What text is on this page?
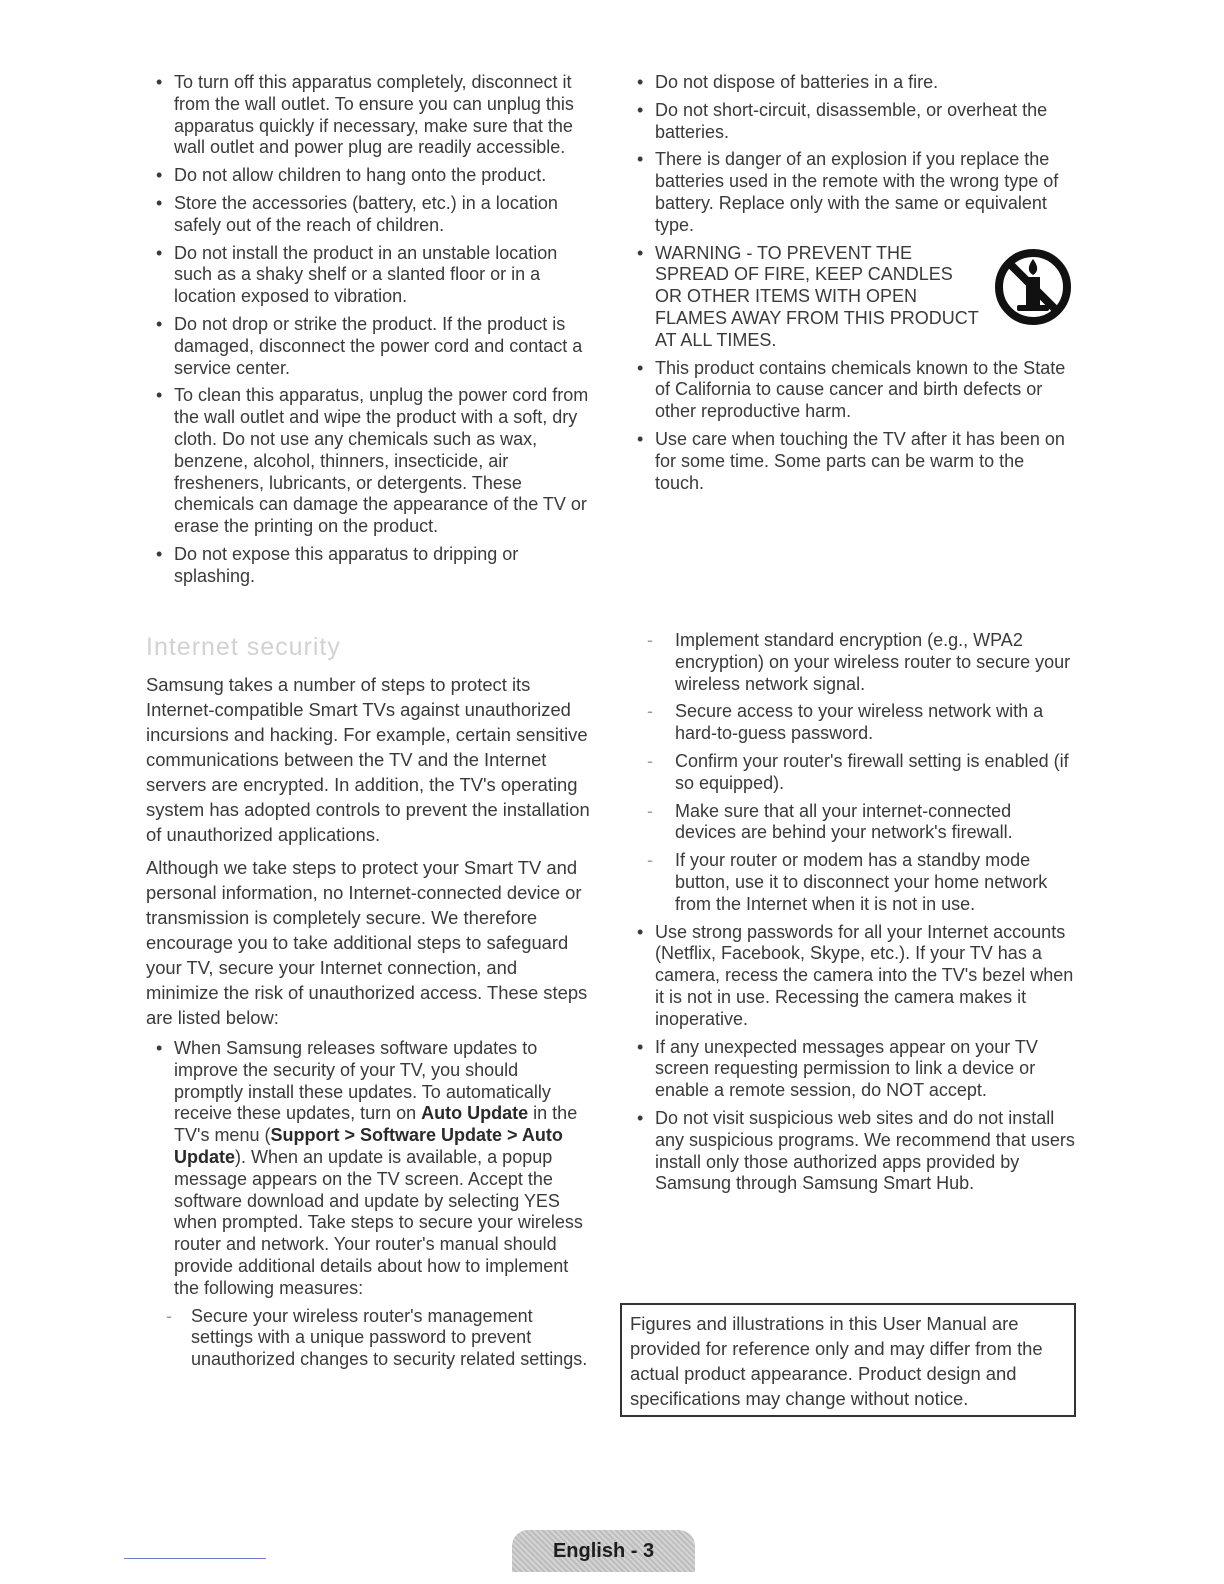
• To turn off this apparatus completely, disconnect it from the wall outlet. To ensure you can unplug this apparatus quickly if necessary, make sure that the wall outlet and power plug are readily accessible.
• Do not allow children to hang onto the product.
• Store the accessories (battery, etc.) in a location safely out of the reach of children.
• Do not install the product in an unstable location such as a shaky shelf or a slanted floor or in a location exposed to vibration.
• Do not drop or strike the product. If the product is damaged, disconnect the power cord and contact a service center.
• To clean this apparatus, unplug the power cord from the wall outlet and wipe the product with a soft, dry cloth. Do not use any chemicals such as wax, benzene, alcohol, thinners, insecticide, air fresheners, lubricants, or detergents. These chemicals can damage the appearance of the TV or erase the printing on the product.
• Do not expose this apparatus to dripping or splashing.
• Do not dispose of batteries in a fire.
• Do not short-circuit, disassemble, or overheat the batteries.
• There is danger of an explosion if you replace the batteries used in the remote with the wrong type of battery. Replace only with the same or equivalent type.
• WARNING - TO PREVENT THE SPREAD OF FIRE, KEEP CANDLES OR OTHER ITEMS WITH OPEN FLAMES AWAY FROM THIS PRODUCT AT ALL TIMES.
• This product contains chemicals known to the State of California to cause cancer and birth defects or other reproductive harm.
• Use care when touching the TV after it has been on for some time. Some parts can be warm to the touch.
Internet security

Samsung takes a number of steps to protect its Internet-compatible Smart TVs against unauthorized incursions and hacking. For example, certain sensitive communications between the TV and the Internet servers are encrypted. In addition, the TV's operating system has adopted controls to prevent the installation of unauthorized applications.

Although we take steps to protect your Smart TV and personal information, no Internet-connected device or transmission is completely secure. We therefore encourage you to take additional steps to safeguard your TV, secure your Internet connection, and minimize the risk of unauthorized access. These steps are listed below:

• When Samsung releases software updates to improve the security of your TV, you should promptly install these updates. To automatically receive these updates, turn on Auto Update in the TV's menu (Support > Software Update > Auto Update). When an update is available, a popup message appears on the TV screen. Accept the software download and update by selecting YES when prompted. Take steps to secure your wireless router and network. Your router's manual should provide additional details about how to implement the following measures:
- Secure your wireless router's management settings with a unique password to prevent unauthorized changes to security related settings.
- Implement standard encryption (e.g., WPA2 encryption) on your wireless router to secure your wireless network signal.
- Secure access to your wireless network with a hard-to-guess password.
- Confirm your router's firewall setting is enabled (if so equipped).
- Make sure that all your internet-connected devices are behind your network's firewall.
- If your router or modem has a standby mode button, use it to disconnect your home network from the Internet when it is not in use.
• Use strong passwords for all your Internet accounts (Netflix, Facebook, Skype, etc.). If your TV has a camera, recess the camera into the TV's bezel when it is not in use. Recessing the camera makes it inoperative.
• If any unexpected messages appear on your TV screen requesting permission to link a device or enable a remote session, do NOT accept.
• Do not visit suspicious web sites and do not install any suspicious programs. We recommend that users install only those authorized apps provided by Samsung through Samsung Smart Hub.
Figures and illustrations in this User Manual are provided for reference only and may differ from the actual product appearance. Product design and specifications may change without notice.
English - 3
